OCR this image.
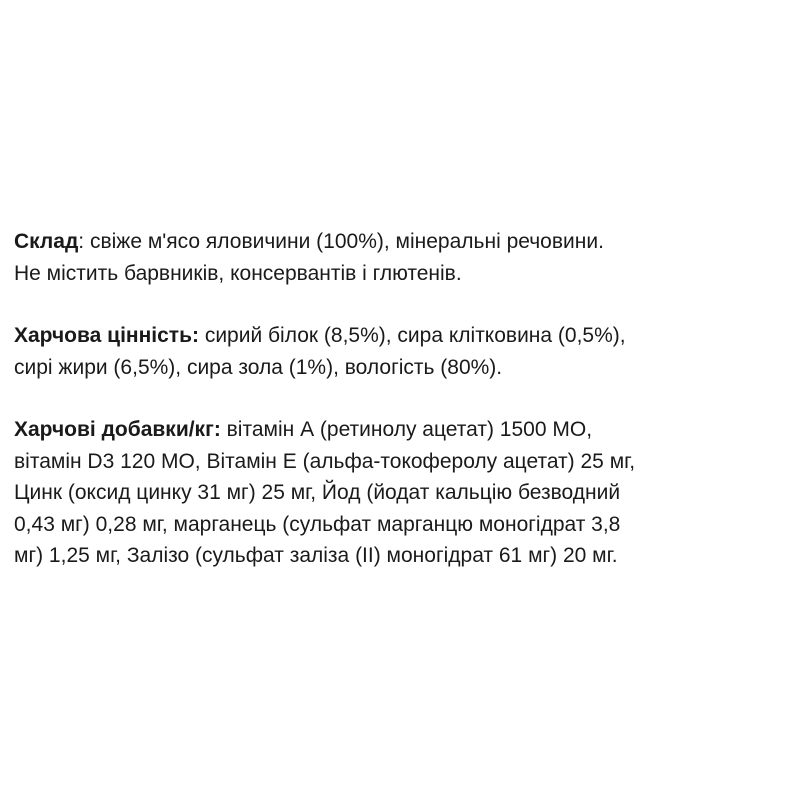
Склад: свіже м'ясо яловичини (100%), мінеральні речовини.
Не містить барвників, консервантів і глютенів.
Харчова цінність: сирий білок (8,5%), сира клітковина (0,5%),
сирі жири (6,5%), сира зола (1%), вологість (80%).
Харчові добавки/кг: вітамін А (ретинолу ацетат) 1500 МО,
вітамін D3 120 МО, Вітамін Е (альфа-токоферолу ацетат) 25 мг,
Цинк (оксид цинку 31 мг) 25 мг, Йод (йодат кальцію безводний
0,43 мг) 0,28 мг, марганець (сульфат марганцю моногідрат 3,8
мг) 1,25 мг, Залізо (сульфат заліза (II) моногідрат 61 мг) 20 мг.
